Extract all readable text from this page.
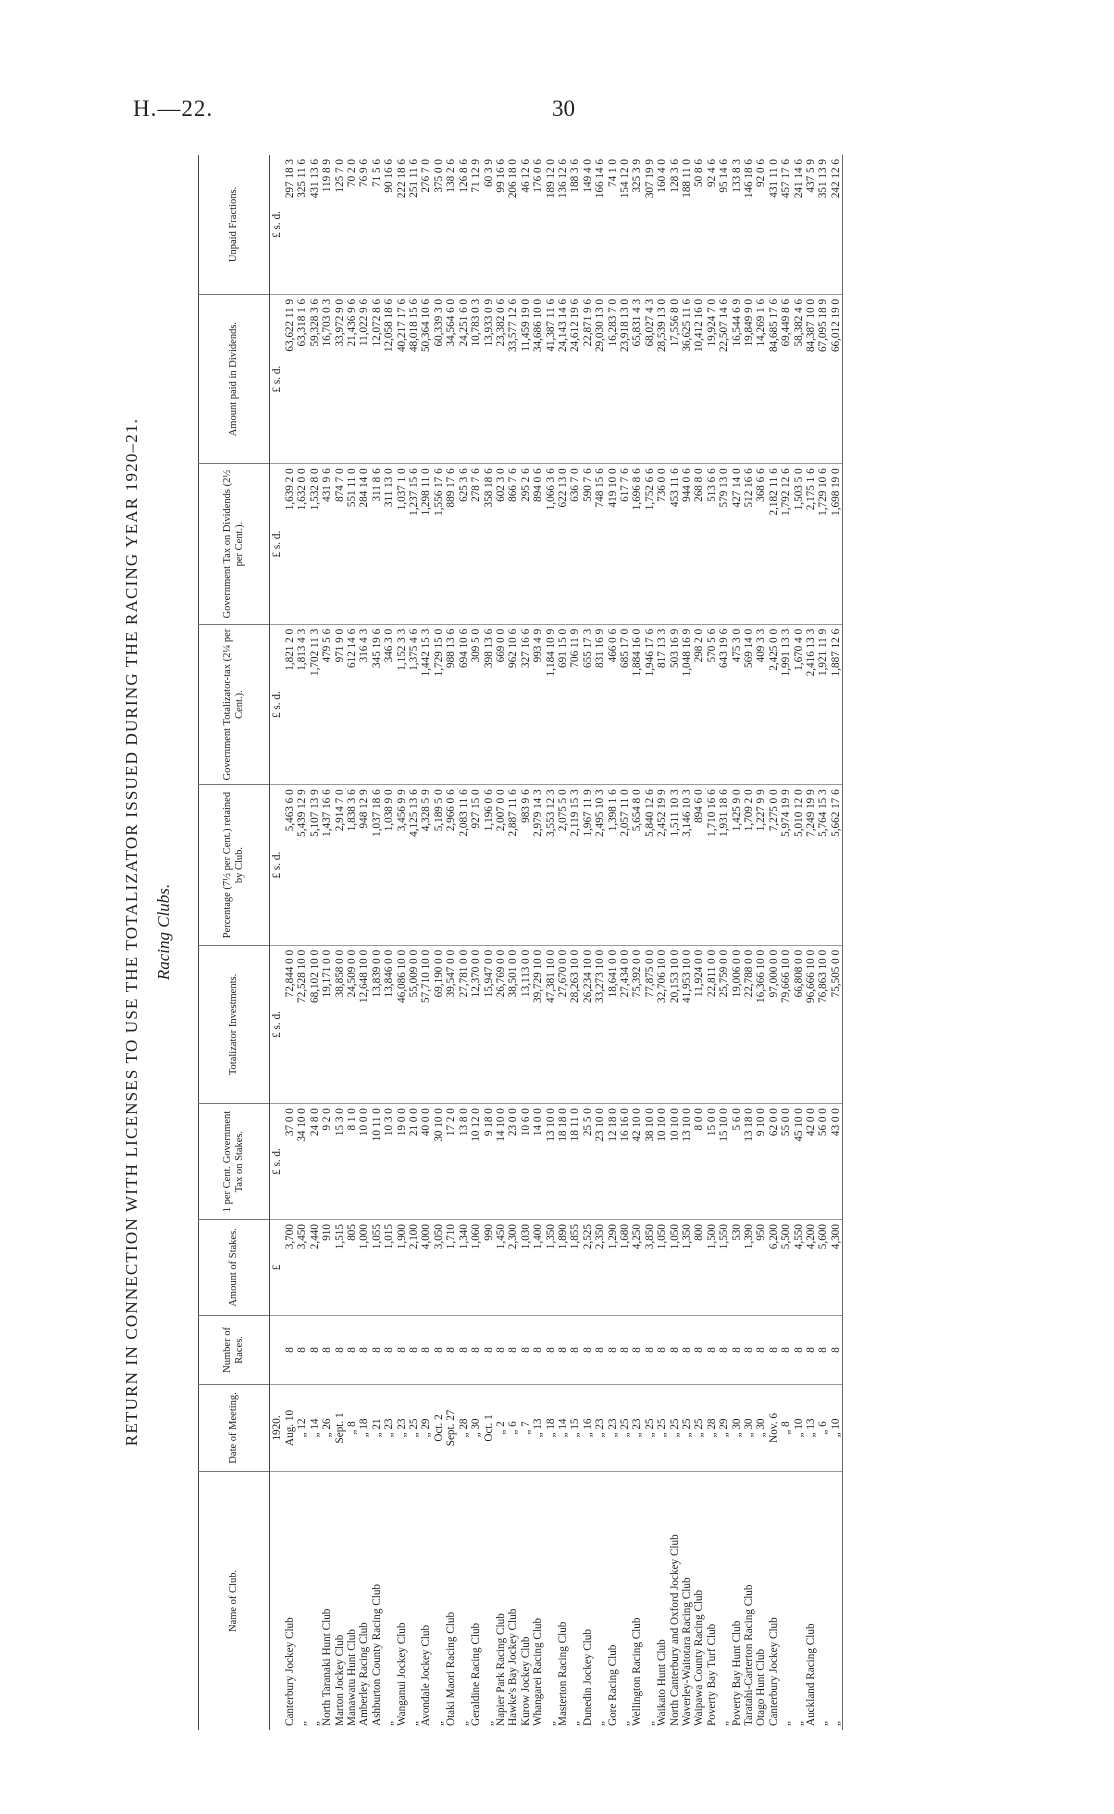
H.—22.	30
RETURN IN CONNECTION WITH LICENSES TO USE THE TOTALIZATOR ISSUED DURING THE RACING YEAR 1920–21. Racing Clubs.
Name of Club.	Date of Meeting.	Number of Races.	Amount of Stakes.	1 per Cent. Government Tax on Stakes.	Totalizator Investments.	Percentage (7½ per Cent.) retained by Club.	Government Totalizator-tax (2¼ per Cent.).	Government Tax on Dividends (2½ per Cent.).	Amount paid in Dividends.	Unpaid Fractions.
	1920.		£	£ s. d.	£ s. d.	£ s. d.	£ s. d.	£ s. d.	£ s. d.	£ s. d.
Canterbury Jockey Club	Aug. 10	8	3,700	37 0 0	72,844 0 0	5,463 6 0	1,821 2 0	1,639 2 0	63,622 11 9	297 18 3
„	„ 12	8	3,450	34 10 0	72,528 10 0	5,439 12 9	1,813 4 3	1,632 0 0	63,318 1 6	325 11 6
„	„ 14	8	2,440	24 8 0	68,102 10 0	5,107 13 9	1,702 11 3	1,532 8 0	59,328 3 6	431 13 6
North Taranaki Hunt Club	„ 26	8	910	9 2 0	19,171 0 0	1,437 16 6	479 5 6	431 9 6	16,703 0 3	119 8 9
Marton Jockey Club	Sept. 1	8	1,515	15 3 0	38,858 0 0	2,914 7 0	971 9 0	874 7 0	33,972 9 0	125 7 0
Manawatu Hunt Club	„ 8	8	805	8 1 0	24,509 0 0	1,838 3 6	612 14 6	551 11 0	21,436 9 6	70 2 0
Amberley Racing Club	„ 18	8	1,000	10 0 0	12,648 10 0	948 12 9	316 4 3	284 14 0	11,022 9 6	76 9 6
Ashburton County Racing Club	„ 21	8	1,055	10 11 0	13,839 0 0	1,037 18 6	345 19 6	311 8 6	12,072 8 6	71 5 6
„	„ 23	8	1,015	10 3 0	13,846 0 0	1,038 9 0	346 3 0	311 13 0	12,058 18 6	90 16 6
Wanganui Jockey Club	„ 23	8	1,900	19 0 0	46,086 10 0	3,456 9 9	1,152 3 3	1,037 1 0	40,217 17 6	222 18 6
„	„ 25	8	2,100	21 0 0	55,009 0 0	4,125 13 6	1,375 4 6	1,237 15 6	48,018 15 6	251 11 6
Avondale Jockey Club	„ 29	8	4,000	40 0 0	57,710 10 0	4,328 5 9	1,442 15 3	1,298 11 0	50,364 10 6	276 7 0
„	Oct. 2	8	3,050	30 10 0	69,190 0 0	5,189 5 0	1,729 15 0	1,556 17 6	60,339 3 0	375 0 0
Otaki Maori Racing Club	Sept. 27	8	1,710	17 2 0	39,547 0 0	2,966 0 6	988 13 6	889 17 6	34,564 6 0	138 2 6
„	„ 28	8	1,340	13 8 0	27,781 0 0	2,083 11 6	694 10 6	625 3 6	24,251 6 0	126 8 6
Geraldine Racing Club	„ 30	8	1,060	10 12 0	12,370 0 0	927 15 0	309 5 0	278 7 6	10,783 0 3	71 12 9
„	Oct. 1	8	990	9 18 0	15,947 0 0	1,196 0 6	398 13 6	358 18 6	13,933 0 9	60 3 9
Napier Park Racing Club	„ 2	8	1,450	14 10 0	26,769 0 0	2,007 0 0	669 0 0	602 3 0	23,382 0 6	99 16 6
Hawke's Bay Jockey Club	„ 6	8	2,300	23 0 0	38,501 0 0	2,887 11 6	962 10 6	866 7 6	33,577 12 6	206 18 0
Kurow Jockey Club	„ 7	8	1,030	10 6 0	13,113 0 0	983 9 6	327 16 6	295 2 6	11,459 19 0	46 12 6
Whangarei Racing Club	„ 13	8	1,400	14 0 0	39,729 10 0	2,979 14 3	993 4 9	894 0 6	34,686 10 0	176 0 6
„	„ 18	8	1,350	13 10 0	47,381 10 0	3,553 12 3	1,184 10 9	1,066 3 6	41,387 11 6	189 12 0
Masterton Racing Club	„ 14	8	1,890	18 18 0	27,670 0 0	2,075 5 0	691 15 0	622 13 0	24,143 14 6	136 12 6
„	„ 15	8	1,855	18 11 0	28,263 10 0	2,119 15 3	706 11 9	636 7 0	24,612 19 6	188 3 6
Dunedin Jockey Club	„ 16	8	2,525	25 5 0	26,234 10 0	1,967 11 9	655 17 3	590 7 6	22,871 9 6	149 4 0
„	„ 23	8	2,350	23 10 0	33,273 10 0	2,495 10 3	831 16 9	748 15 6	29,030 13 0	166 14 6
Gore Racing Club	„ 23	8	1,290	12 18 0	18,641 0 0	1,398 1 6	466 0 6	419 10 0	16,283 7 0	74 1 0
„	„ 25	8	1,680	16 16 0	27,434 0 0	2,057 11 0	685 17 0	617 7 6	23,918 13 0	154 12 0
Wellington Racing Club	„ 23	8	4,250	42 10 0	75,392 0 0	5,654 8 0	1,884 16 0	1,696 8 6	65,831 4 3	325 3 9
„	„ 25	8	3,850	38 10 0	77,875 0 0	5,840 12 6	1,946 17 6	1,752 6 6	68,027 4 3	307 19 9
Waikato Hunt Club	„ 25	8	1,050	10 10 0	32,706 10 0	2,452 19 9	817 13 3	736 0 0	28,539 13 0	160 4 0
North Canterbury and Oxford Jockey Club	„ 25	8	1,050	10 10 0	20,153 10 0	1,511 10 3	503 16 9	453 11 6	17,556 8 0	128 3 6
Waverley-Waitotara Racing Club	„ 25	8	1,350	13 10 0	41,953 10 0	3,146 10 3	1,048 16 9	944 0 6	36,625 11 6	188 11 0
Waipawa County Racing Club	„ 25	8	800	8 0 0	11,924 0 0	894 6 0	298 2 0	268 8 0	10,412 16 0	50 8 6
Poverty Bay Turf Club	„ 28	8	1,500	15 0 0	22,811 0 0	1,710 16 6	570 5 6	513 6 6	19,924 7 0	92 4 6
„	„ 29	8	1,550	15 10 0	25,759 0 0	1,931 18 6	643 19 6	579 13 0	22,507 14 6	95 14 6
Poverty Bay Hunt Club	„ 30	8	530	5 6 0	19,006 0 0	1,425 9 0	475 3 0	427 14 0	16,544 6 9	133 8 3
Taratahi-Carterton Racing Club	„ 30	8	1,390	13 18 0	22,788 0 0	1,709 2 0	569 14 0	512 16 6	19,849 9 0	146 18 6
Otago Hunt Club	„ 30	8	950	9 10 0	16,366 10 0	1,227 9 9	409 3 3	368 6 6	14,269 1 6	92 0 6
Canterbury Jockey Club	Nov. 6	8	6,200	62 0 0	97,000 0 0	7,275 0 0	2,425 0 0	2,182 11 6	84,685 17 6	431 11 0
„	„ 8	8	5,500	55 0 0	79,666 10 0	5,974 19 9	1,991 13 3	1,792 12 6	69,449 8 6	457 17 6
„	„ 10	8	4,550	45 10 0	66,808 0 0	5,010 12 0	1,670 4 0	1,503 5 0	58,382 4 6	241 14 6
Auckland Racing Club	„ 13	8	4,200	42 0 0	96,666 10 0	7,249 19 9	2,416 13 3	2,175 1 6	84,387 10 0	437 5 9
„	„ 6	8	5,600	56 0 0	76,863 10 0	5,764 15 3	1,921 11 9	1,729 10 6	67,095 18 9	351 13 9
„	„ 10	8	4,300	43 0 0	75,505 0 0	5,662 17 6	1,887 12 6	1,698 19 0	66,012 19 0	242 12 6
